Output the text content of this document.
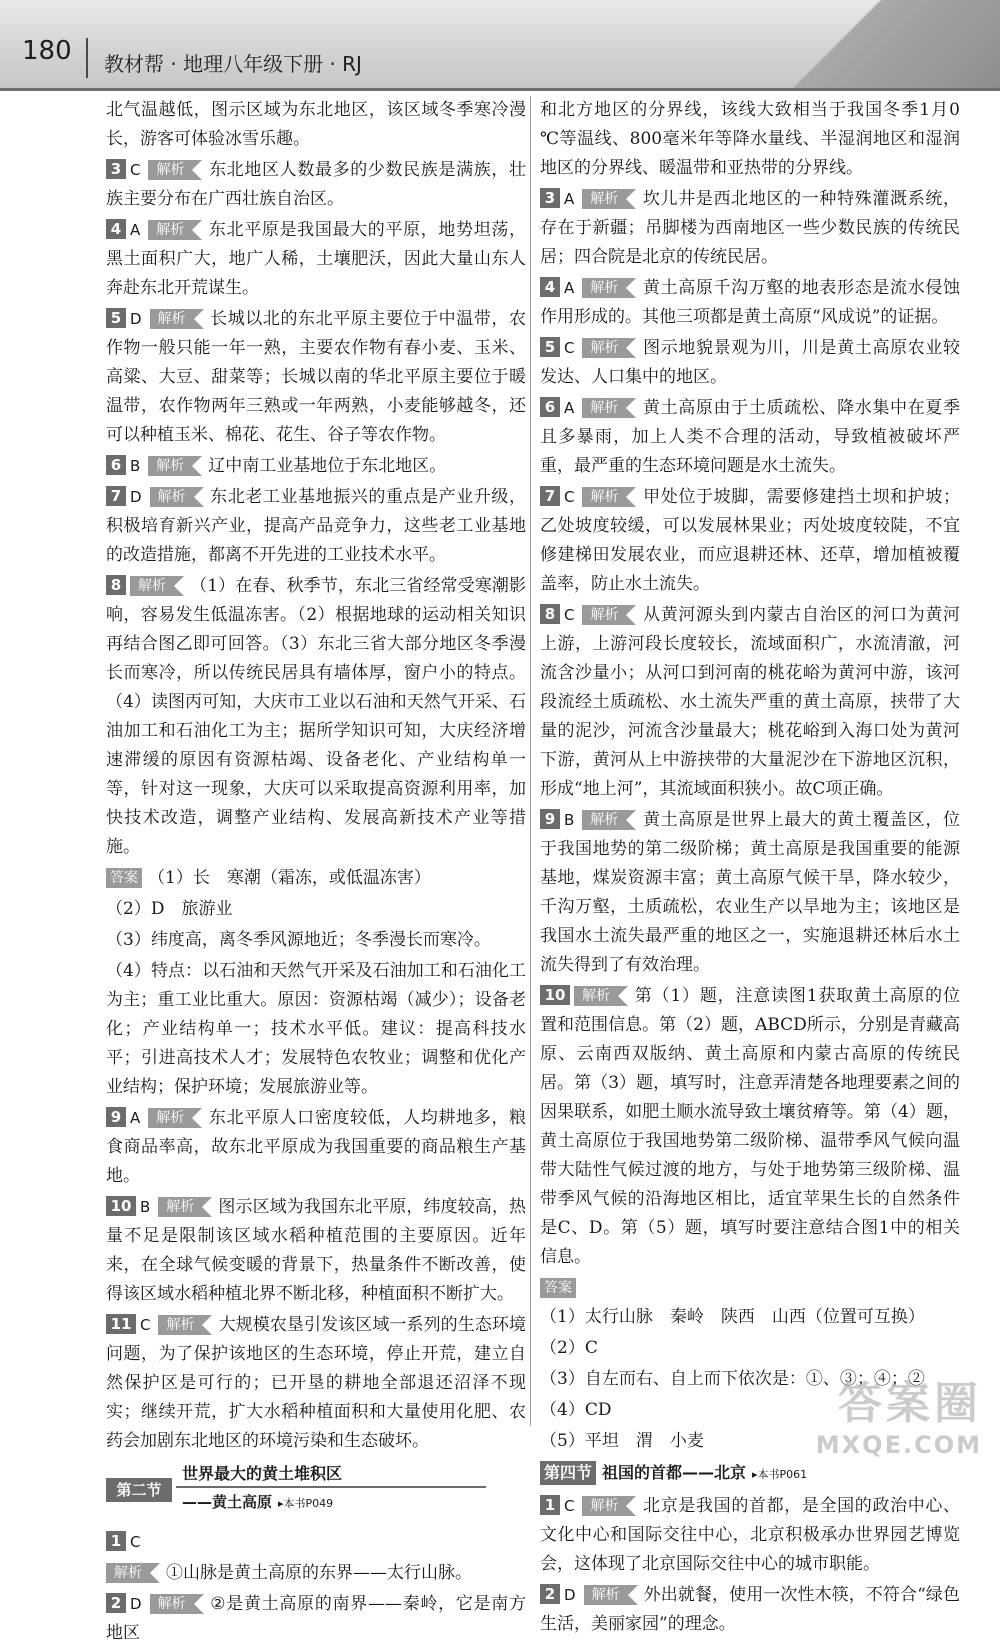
180 教材帮 · 地理八年级下册 · RJ

北气温越低，图示区域为东北地区，该区域冬季寒冷漫长，游客可体验冰雪乐趣。

3 C 解析 东北地区人数最多的少数民族是满族，壮族主要分布在广西壮族自治区。

4 A 解析 东北平原是我国最大的平原，地势坦荡，黑土面积广大，地广人稀，土壤肥沃，因此大量山东人奔赴东北开荒谋生。

5 D 解析 长城以北的东北平原主要位于中温带，农作物一般只能一年一熟，主要农作物有春小麦、玉米、高粱、大豆、甜菜等；长城以南的华北平原主要位于暖温带，农作物两年三熟或一年两熟，小麦能够越冬，还可以种植玉米、棉花、花生、谷子等农作物。

6 B 解析 辽中南工业基地位于东北地区。

7 D 解析 东北老工业基地振兴的重点是产业升级，积极培育新兴产业，提高产品竞争力，这些老工业基地的改造措施，都离不开先进的工业技术水平。

8 解析 （1）在春、秋季节，东北三省经常受寒潮影响，容易发生低温冻害。（2）根据地球的运动相关知识再结合图乙即可回答。（3）东北三省大部分地区冬季漫长而寒冷，所以传统民居具有墙体厚，窗户小的特点。（4）读图丙可知，大庆市工业以石油和天然气开采、石油加工和石油化工为主；据所学知识可知，大庆经济增速滞缓的原因有资源枯竭、设备老化、产业结构单一等，针对这一现象，大庆可以采取提高资源利用率，加快技术改造，调整产业结构、发展高新技术产业等措施。

答案 （1）长　寒潮（霜冻，或低温冻害）

（2）D　旅游业

（3）纬度高，离冬季风源地近；冬季漫长而寒冷。

（4）特点：以石油和天然气开采及石油加工和石油化工为主；重工业比重大。原因：资源枯竭（减少）；设备老化；产业结构单一；技术水平低。建议：提高科技水平；引进高技术人才；发展特色农牧业；调整和优化产业结构；保护环境；发展旅游业等。

9 A 解析 东北平原人口密度较低，人均耕地多，粮食商品率高，故东北平原成为我国重要的商品粮生产基地。

10 B 解析 图示区域为我国东北平原，纬度较高，热量不足是限制该区域水稻种植范围的主要原因。近年来，在全球气候变暖的背景下，热量条件不断改善，使得该区域水稻种植北界不断北移，种植面积不断扩大。

11 C 解析 大规模农垦引发该区域一系列的生态环境问题，为了保护该地区的生态环境，停止开荒，建立自然保护区是可行的；已开垦的耕地全部退还沼泽不现实；继续开荒，扩大水稻种植面积和大量使用化肥、农药会加剧东北地区的环境污染和生态破坏。

第二节
世界最大的黄土堆积区
——黄土高原 ▸本书P049

1 C

解析 ①山脉是黄土高原的东界——太行山脉。

2 D 解析 ②是黄土高原的南界——秦岭，它是南方地区

和北方地区的分界线，该线大致相当于我国冬季1月0 ℃等温线、800毫米年等降水量线、半湿润地区和湿润地区的分界线、暖温带和亚热带的分界线。

3 A 解析 坎儿井是西北地区的一种特殊灌溉系统，存在于新疆；吊脚楼为西南地区一些少数民族的传统民居；四合院是北京的传统民居。

4 A 解析 黄土高原千沟万壑的地表形态是流水侵蚀作用形成的。其他三项都是黄土高原“风成说”的证据。

5 C 解析 图示地貌景观为川，川是黄土高原农业较发达、人口集中的地区。

6 A 解析 黄土高原由于土质疏松、降水集中在夏季且多暴雨，加上人类不合理的活动，导致植被破坏严重，最严重的生态环境问题是水土流失。

7 C 解析 甲处位于坡脚，需要修建挡土坝和护坡；乙处坡度较缓，可以发展林果业；丙处坡度较陡，不宜修建梯田发展农业，而应退耕还林、还草，增加植被覆盖率，防止水土流失。

8 C 解析 从黄河源头到内蒙古自治区的河口为黄河上游，上游河段长度较长，流域面积广，水流清澈，河流含沙量小；从河口到河南的桃花峪为黄河中游，该河段流经土质疏松、水土流失严重的黄土高原，挟带了大量的泥沙，河流含沙量最大；桃花峪到入海口处为黄河下游，黄河从上中游挟带的大量泥沙在下游地区沉积，形成“地上河”，其流域面积狭小。故C项正确。

9 B 解析 黄土高原是世界上最大的黄土覆盖区，位于我国地势的第二级阶梯；黄土高原是我国重要的能源基地，煤炭资源丰富；黄土高原气候干旱，降水较少，千沟万壑，土质疏松，农业生产以旱地为主；该地区是我国水土流失最严重的地区之一，实施退耕还林后水土流失得到了有效治理。

10 解析 第（1）题，注意读图1获取黄土高原的位置和范围信息。第（2）题，ABCD所示，分别是青藏高原、云南西双版纳、黄土高原和内蒙古高原的传统民居。第（3）题，填写时，注意弄清楚各地理要素之间的因果联系，如肥土顺水流导致土壤贫瘠等。第（4）题，黄土高原位于我国地势第二级阶梯、温带季风气候向温带大陆性气候过渡的地方，与处于地势第三级阶梯、温带季风气候的沿海地区相比，适宜苹果生长的自然条件是C、D。第（5）题，填写时要注意结合图1中的相关信息。

答案（1）太行山脉　秦岭　陕西　山西（位置可互换）

（2）C

（3）自左而右、自上而下依次是：①、③；④；②

（4）CD

（5）平坦　渭　小麦

第四节 祖国的首都——北京 ▸本书P061

1 C 解析 北京是我国的首都，是全国的政治中心、文化中心和国际交往中心，北京积极承办世界园艺博览会，这体现了北京国际交往中心的城市职能。

2 D 解析 外出就餐，使用一次性木筷，不符合“绿色生活，美丽家园”的理念。

答案圈
MXQE.COM
